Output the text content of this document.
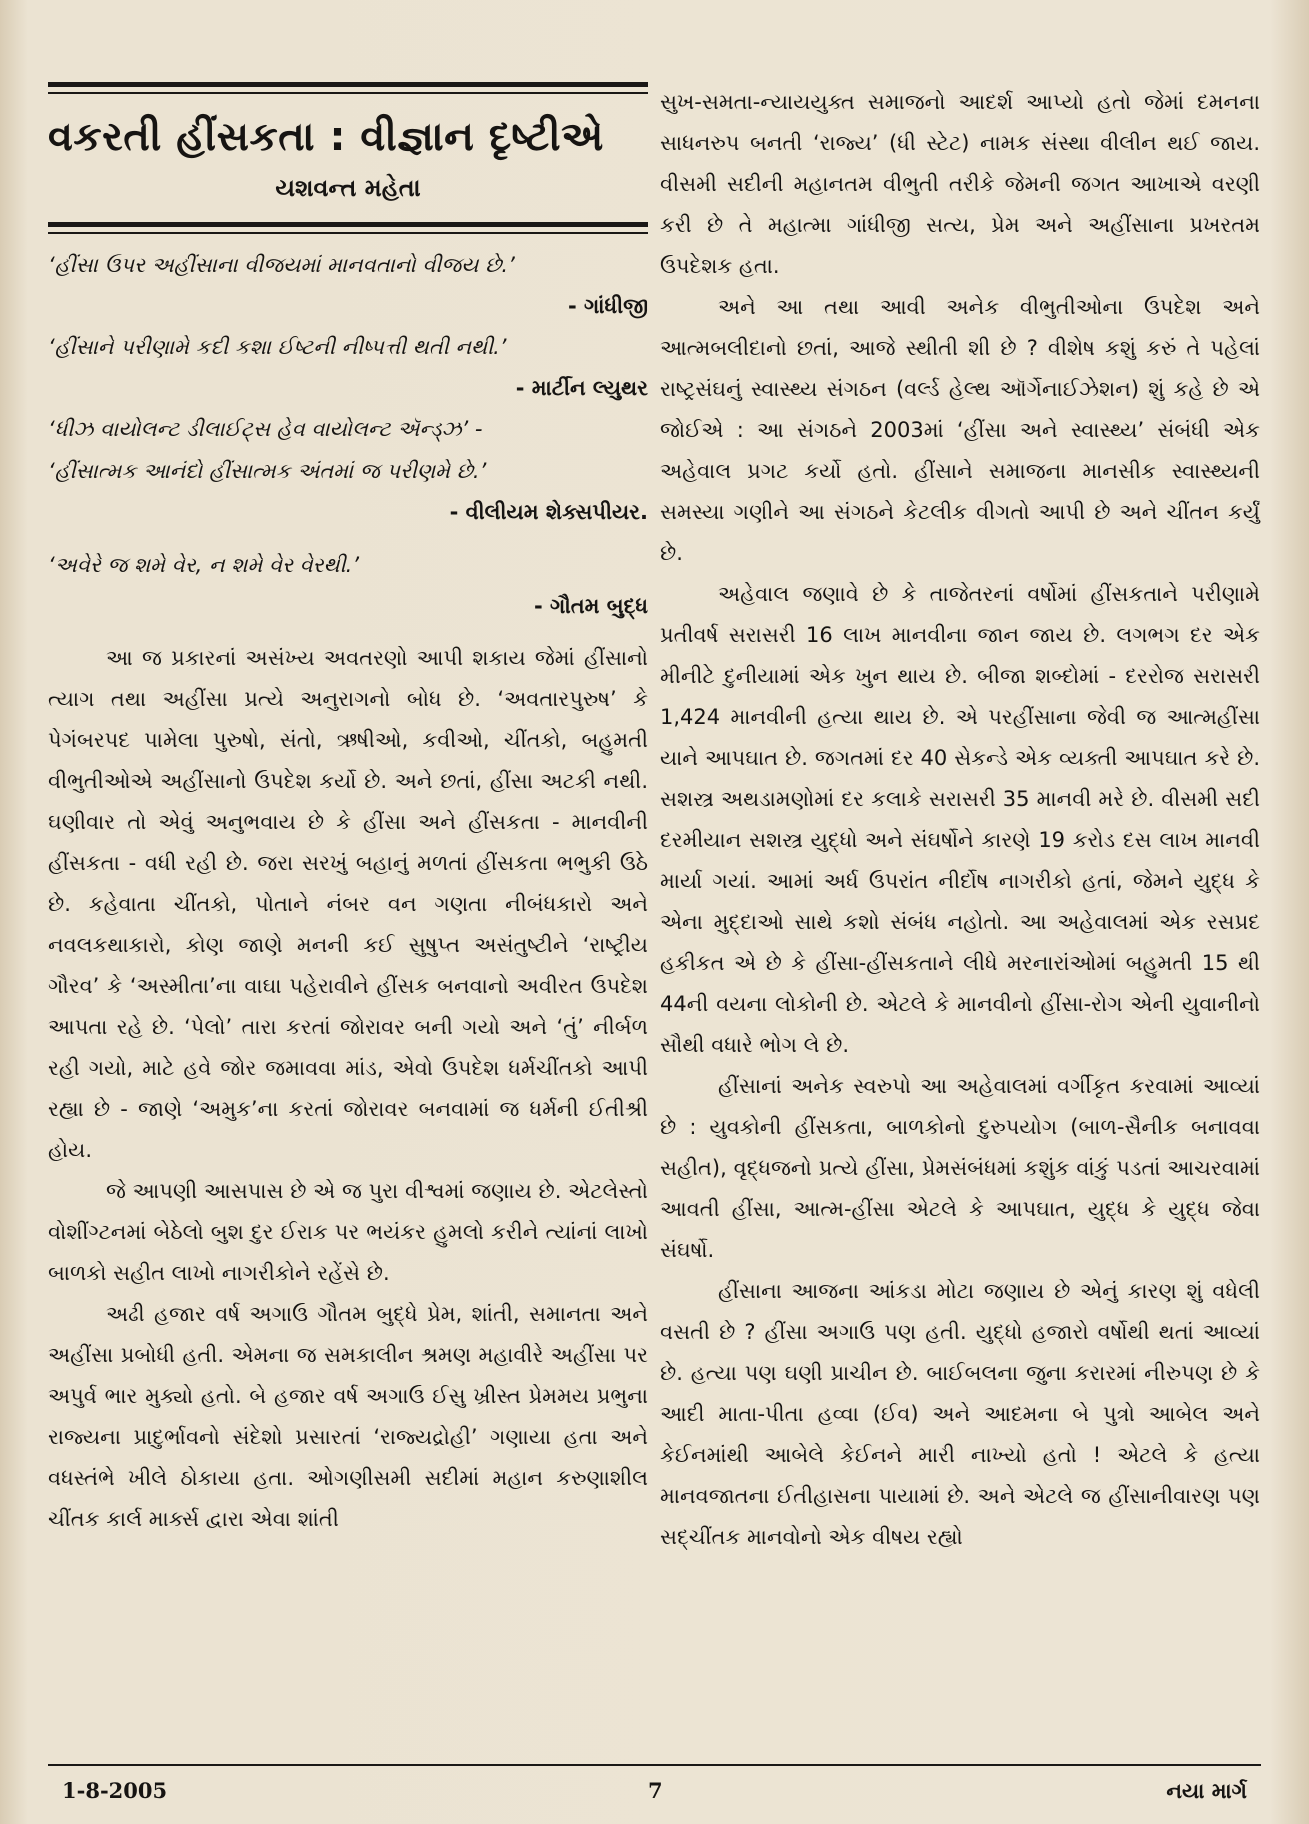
વકરતી હીંસકતા : વીજ્ઞાન દૃષ્ટીએ
યશવન્ત મહેતા
‘હીંસા ઉપર અહીંસાના વીજયમાં માનવતાનો વીજય છે.’
- ગાંધીજી
‘હીંસાને પરીણામે કદી કશા ઈષ્ટની નીષ્પત્તી થતી નથી.’
- માર્ટીન લ્યુથર
‘ધીઝ વાયોલન્ટ ડીલાઈટ્સ હેવ વાયોલન્ટ ઍન્ડ્ઝ’ -
‘હીંસાત્મક આનંદો હીંસાત્મક અંતમાં જ પરીણમે છે.’
- વીલીયમ શેક્સપીયર.
‘અવેરે જ શમે વેર, ન શમે વેર વેરથી.’
- ગૌતમ બુદ્ધ

આ જ પ્રકારનાં અસંખ્ય અવતરણો આપી શકાય જેમાં હીંસાનો ત્યાગ તથા અહીંસા પ્રત્યે અનુરાગનો બોધ છે. ‘અવતારપુરુષ’ કે પેગંબરપદ પામેલા પુરુષો, સંતો, ઋષીઓ, કવીઓ, ચીંતકો, બહુમતી વીભુતીઓએ અહીંસાનો ઉપદેશ કર્યો છે. અને છતાં, હીંસા અટકી નથી. ઘણીવાર તો એવું અનુભવાય છે કે હીંસા અને હીંસકતા - માનવીની હીંસકતા - વધી રહી છે. જરા સરખું બહાનું મળતાં હીંસકતા ભભુકી ઉઠે છે. કહેવાતા ચીંતકો, પોતાને નંબર વન ગણતા નીબંધકારો અને નવલકથાકારો, કોણ જાણે મનની કઈ સુષુપ્ત અસંતુષ્ટીને ‘રાષ્ટ્રીય ગૌરવ’ કે ‘અસ્મીતા’ના વાઘા પહેરાવીને હીંસક બનવાનો અવીરત ઉપદેશ આપતા રહે છે. ‘પેલો’ તારા કરતાં જોરાવર બની ગયો અને ‘તું’ નીર્બળ રહી ગયો, માટે હવે જોર જમાવવા માંડ, એવો ઉપદેશ ધર્મચીંતકો આપી રહ્યા છે - જાણે ‘અમુક’ના કરતાં જોરાવર બનવામાં જ ધર્મની ઈતીશ્રી હોય.

જે આપણી આસપાસ છે એ જ પુરા વીશ્વમાં જણાય છે. એટલેસ્તો વોશીંગ્ટનમાં બેઠેલો બુશ દુર ઈરાક પર ભયંકર હુમલો કરીને ત્યાંનાં લાખો બાળકો સહીત લાખો નાગરીકોને રહેંસે છે.

અઢી હજાર વર્ષ અગાઉ ગૌતમ બુદ્ધે પ્રેમ, શાંતી, સમાનતા અને અહીંસા પ્રબોધી હતી. એમના જ સમકાલીન શ્રમણ મહાવીરે અહીંસા પર અપુર્વ ભાર મુક્યો હતો. બે હજાર વર્ષ અગાઉ ઈસુ ખ્રીસ્ત પ્રેમમય પ્રભુના રાજ્યના પ્રાદુર્ભાવનો સંદેશો પ્રસારતાં ‘રાજ્યદ્રોહી’ ગણાયા હતા અને વધસ્તંભે ખીલે ઠોકાયા હતા. ઓગણીસમી સદીમાં મહાન કરુણાશીલ ચીંતક કાર્લ માર્ક્સ દ્વારા એવા શાંતી

સુખ-સમતા-ન્યાયયુક્ત સમાજનો આદર્શ આપ્યો હતો જેમાં દમનના સાધનરુપ બનતી ‘રાજ્ય’ (ધી સ્ટેટ) નામક સંસ્થા વીલીન થઈ જાય. વીસમી સદીની મહાનતમ વીભુતી તરીકે જેમની જગત આખાએ વરણી કરી છે તે મહાત્મા ગાંધીજી સત્ય, પ્રેમ અને અહીંસાના પ્રખરતમ ઉપદેશક હતા.

અને આ તથા આવી અનેક વીભુતીઓના ઉપદેશ અને આત્મબલીદાનો છતાં, આજે સ્થીતી શી છે ? વીશેષ કશું કરું તે પહેલાં રાષ્ટ્રસંઘનું સ્વાસ્થ્ય સંગઠન (વર્લ્ડ હેલ્થ ઑર્ગેનાઈઝેશન) શું કહે છે એ જોઈએ : આ સંગઠને 2003માં ‘હીંસા અને સ્વાસ્થ્ય’ સંબંધી એક અહેવાલ પ્રગટ કર્યો હતો. હીંસાને સમાજના માનસીક સ્વાસ્થ્યની સમસ્યા ગણીને આ સંગઠને કેટલીક વીગતો આપી છે અને ચીંતન કર્યું છે.

અહેવાલ જણાવે છે કે તાજેતરનાં વર્ષોમાં હીંસકતાને પરીણામે પ્રતીવર્ષ સરાસરી 16 લાખ માનવીના જાન જાય છે. લગભગ દર એક મીનીટે દુનીયામાં એક ખુન થાય છે. બીજા શબ્દોમાં - દરરોજ સરાસરી 1,424 માનવીની હત્યા થાય છે. એ પરહીંસાના જેવી જ આત્મહીંસા યાને આપઘાત છે. જગતમાં દર 40 સેકન્ડે એક વ્યક્તી આપઘાત કરે છે. સશસ્ત્ર અથડામણોમાં દર કલાકે સરાસરી 35 માનવી મરે છે. વીસમી સદી દરમીયાન સશસ્ત્ર યુદ્ધો અને સંઘર્ષોને કારણે 19 કરોડ દસ લાખ માનવી માર્યા ગયાં. આમાં અર્ધ ઉપરાંત નીર્દોષ નાગરીકો હતાં, જેમને યુદ્ધ કે એના મુદ્દાઓ સાથે કશો સંબંધ નહોતો. આ અહેવાલમાં એક રસપ્રદ હકીકત એ છે કે હીંસા-હીંસકતાને લીધે મરનારાંઓમાં બહુમતી 15 થી 44ની વયના લોકોની છે. એટલે કે માનવીનો હીંસા-રોગ એની યુવાનીનો સૌથી વધારે ભોગ લે છે.

હીંસાનાં અનેક સ્વરુપો આ અહેવાલમાં વર્ગીકૃત કરવામાં આવ્યાં છે : યુવકોની હીંસકતા, બાળકોનો દુરુપયોગ (બાળ-સૈનીક બનાવવા સહીત), વૃદ્ધજનો પ્રત્યે હીંસા, પ્રેમસંબંધમાં કશુંક વાંકું પડતાં આચરવામાં આવતી હીંસા, આત્મ-હીંસા એટલે કે આપઘાત, યુદ્ધ કે યુદ્ધ જેવા સંઘર્ષો.

હીંસાના આજના આંકડા મોટા જણાય છે એનું કારણ શું વધેલી વસતી છે ? હીંસા અગાઉ પણ હતી. યુદ્ધો હજારો વર્ષોથી થતાં આવ્યાં છે. હત્યા પણ ઘણી પ્રાચીન છે. બાઈબલના જુના કરારમાં નીરુપણ છે કે આદી માતા-પીતા હવ્વા (ઈવ) અને આદમના બે પુત્રો આબેલ અને કેઈનમાંથી આબેલે કેઈનને મારી નાખ્યો હતો ! એટલે કે હત્યા માનવજાતના ઈતીહાસના પાયામાં છે. અને એટલે જ હીંસાનીવારણ પણ સદ્ચીંતક માનવોનો એક વીષય રહ્યો

1-8-2005	7	નયા માર્ગ
